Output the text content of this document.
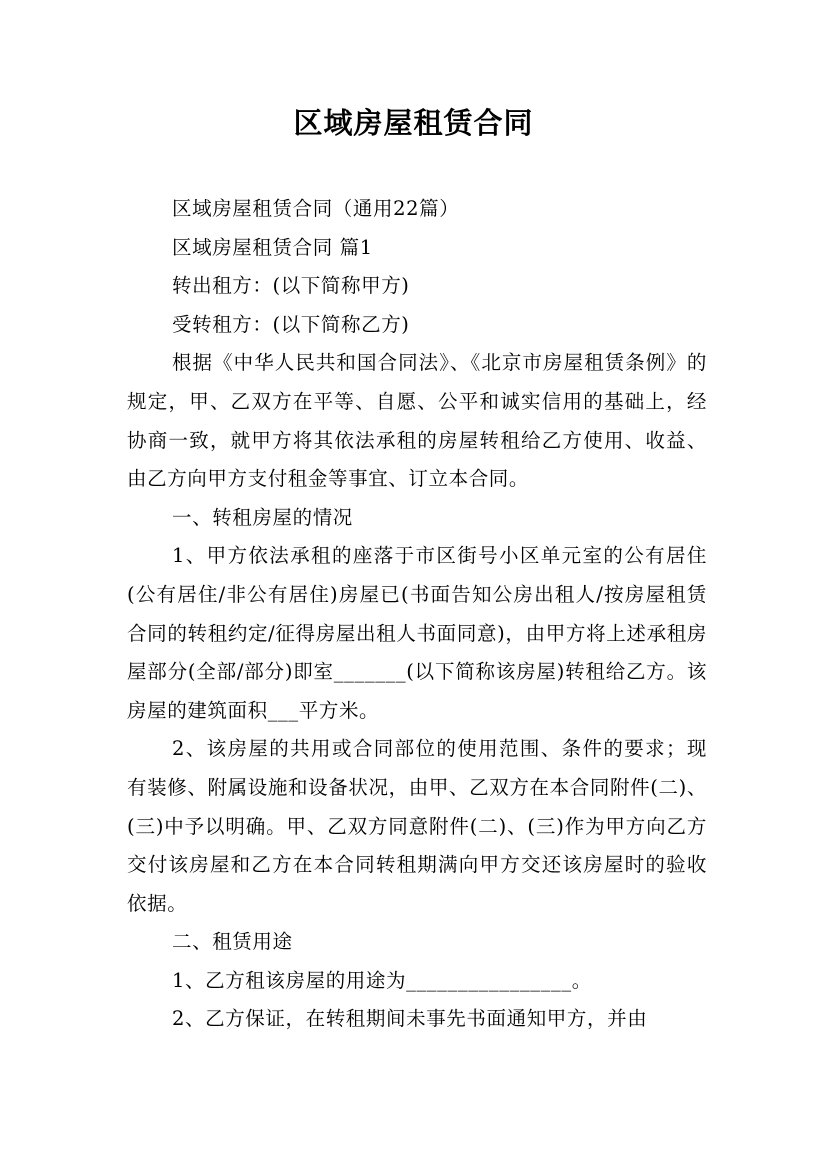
区域房屋租赁合同

区域房屋租赁合同（通用22篇）

区域房屋租赁合同 篇1

转出租方：(以下简称甲方)

受转租方：(以下简称乙方)

根据《中华人民共和国合同法》、《北京市房屋租赁条例》的规定，甲、乙双方在平等、自愿、公平和诚实信用的基础上，经协商一致，就甲方将其依法承租的房屋转租给乙方使用、收益、由乙方向甲方支付租金等事宜、订立本合同。

一、转租房屋的情况

1、甲方依法承租的座落于市区街号小区单元室的公有居住(公有居住/非公有居住)房屋已(书面告知公房出租人/按房屋租赁合同的转租约定/征得房屋出租人书面同意)，由甲方将上述承租房屋部分(全部/部分)即室_______(以下简称该房屋)转租给乙方。该房屋的建筑面积___平方米。

2、该房屋的共用或合同部位的使用范围、条件的要求；现有装修、附属设施和设备状况，由甲、乙双方在本合同附件(二)、(三)中予以明确。甲、乙双方同意附件(二)、(三)作为甲方向乙方交付该房屋和乙方在本合同转租期满向甲方交还该房屋时的验收依据。

二、租赁用途

1、乙方租该房屋的用途为________________。

2、乙方保证，在转租期间未事先书面通知甲方，并由
